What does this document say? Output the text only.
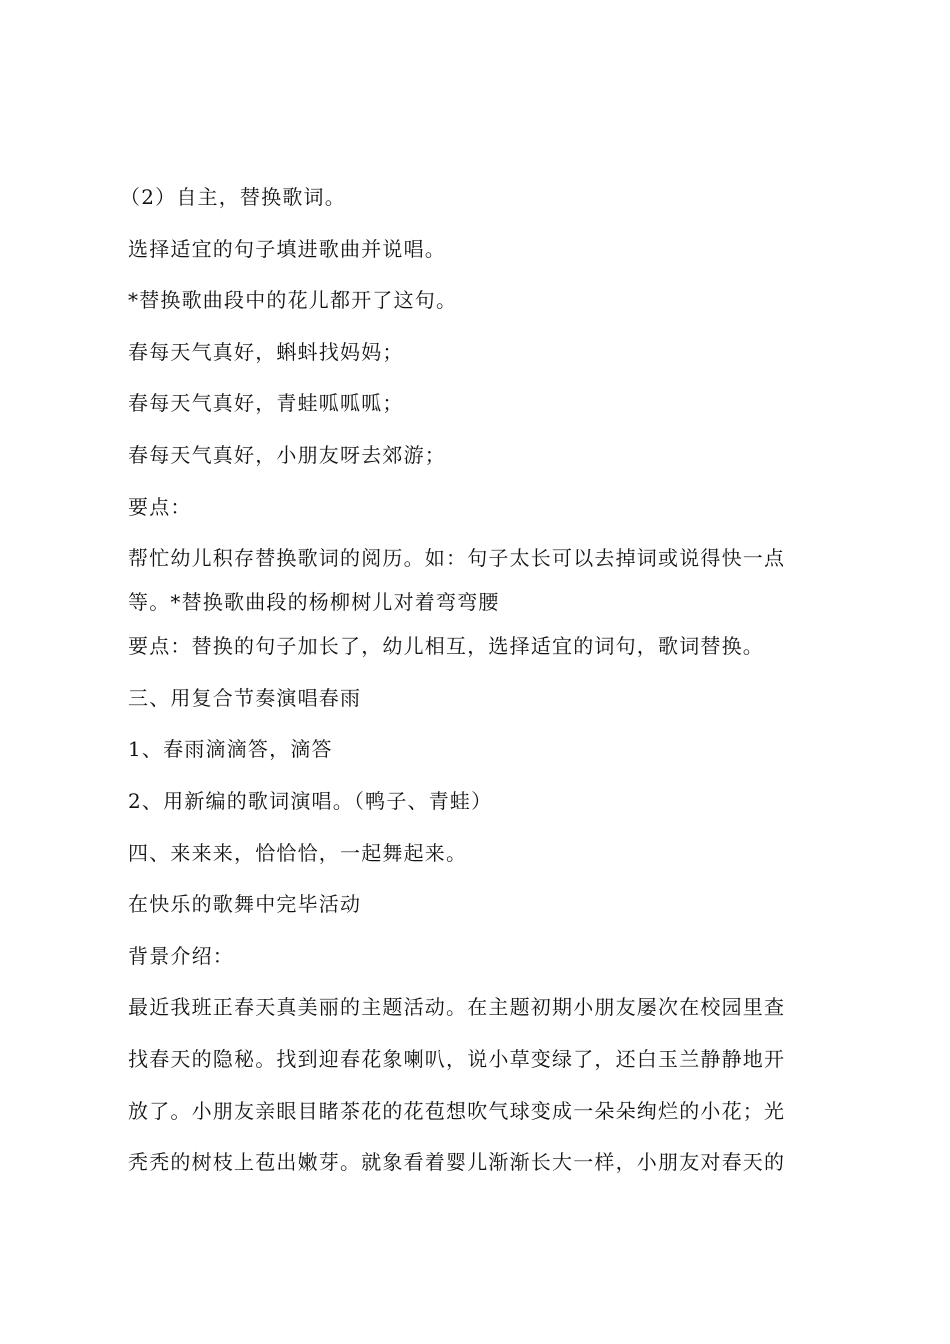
（2）自主，替换歌词。
选择适宜的句子填进歌曲并说唱。
*替换歌曲段中的花儿都开了这句。
春每天气真好，蝌蚪找妈妈；
春每天气真好，青蛙呱呱呱；
春每天气真好，小朋友呀去郊游；
要点：
帮忙幼儿积存替换歌词的阅历。如：句子太长可以去掉词或说得快一点
等。*替换歌曲段的杨柳树儿对着弯弯腰
要点：替换的句子加长了，幼儿相互，选择适宜的词句，歌词替换。
三、用复合节奏演唱春雨
1、春雨滴滴答，滴答
2、用新编的歌词演唱。（鸭子、青蛙）
四、来来来，恰恰恰，一起舞起来。
在快乐的歌舞中完毕活动
背景介绍：
最近我班正春天真美丽的主题活动。在主题初期小朋友屡次在校园里查
找春天的隐秘。找到迎春花象喇叭，说小草变绿了，还白玉兰静静地开
放了。小朋友亲眼目睹茶花的花苞想吹气球变成一朵朵绚烂的小花；光
秃秃的树枝上苞出嫩芽。就象看着婴儿渐渐长大一样，小朋友对春天的
